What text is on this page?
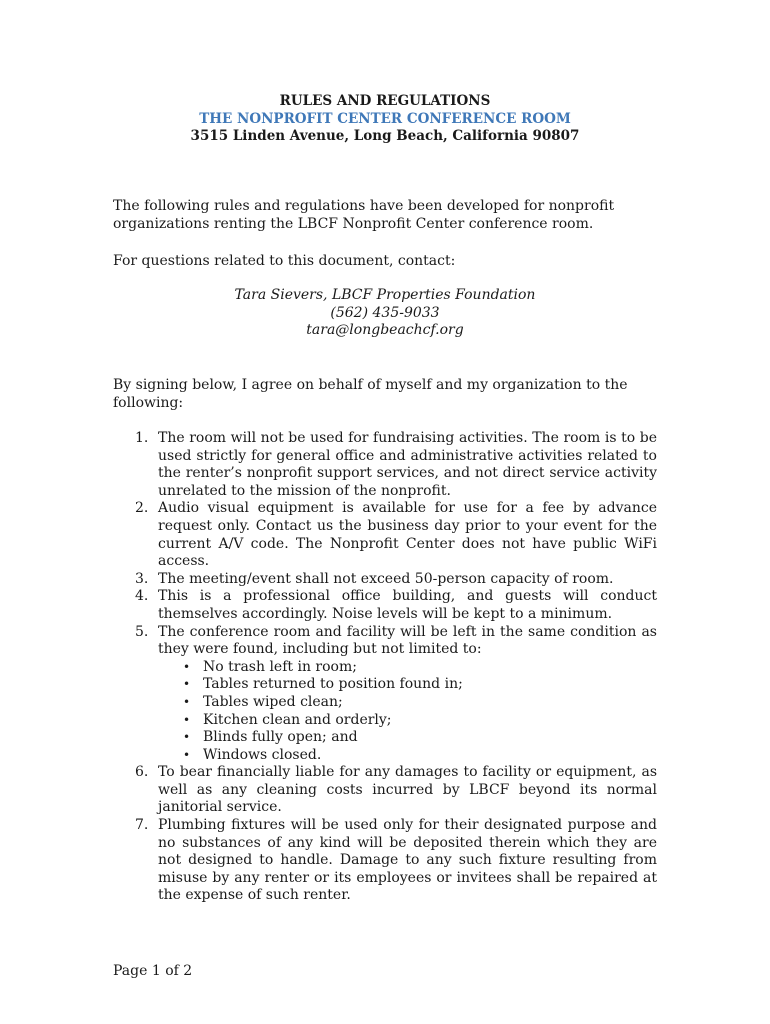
RULES AND REGULATIONS
THE NONPROFIT CENTER CONFERENCE ROOM
3515 Linden Avenue, Long Beach, California 90807
The following rules and regulations have been developed for nonprofit organizations renting the LBCF Nonprofit Center conference room.
For questions related to this document, contact:
Tara Sievers, LBCF Properties Foundation
(562) 435-9033
tara@longbeachcf.org
By signing below, I agree on behalf of myself and my organization to the following:
1. The room will not be used for fundraising activities. The room is to be used strictly for general office and administrative activities related to the renter’s nonprofit support services, and not direct service activity unrelated to the mission of the nonprofit.
2. Audio visual equipment is available for use for a fee by advance request only. Contact us the business day prior to your event for the current A/V code. The Nonprofit Center does not have public WiFi access.
3. The meeting/event shall not exceed 50-person capacity of room.
4. This is a professional office building, and guests will conduct themselves accordingly. Noise levels will be kept to a minimum.
5. The conference room and facility will be left in the same condition as they were found, including but not limited to:
• No trash left in room;
• Tables returned to position found in;
• Tables wiped clean;
• Kitchen clean and orderly;
• Blinds fully open; and
• Windows closed.
6. To bear financially liable for any damages to facility or equipment, as well as any cleaning costs incurred by LBCF beyond its normal janitorial service.
7. Plumbing fixtures will be used only for their designated purpose and no substances of any kind will be deposited therein which they are not designed to handle. Damage to any such fixture resulting from misuse by any renter or its employees or invitees shall be repaired at the expense of such renter.
Page 1 of 2
